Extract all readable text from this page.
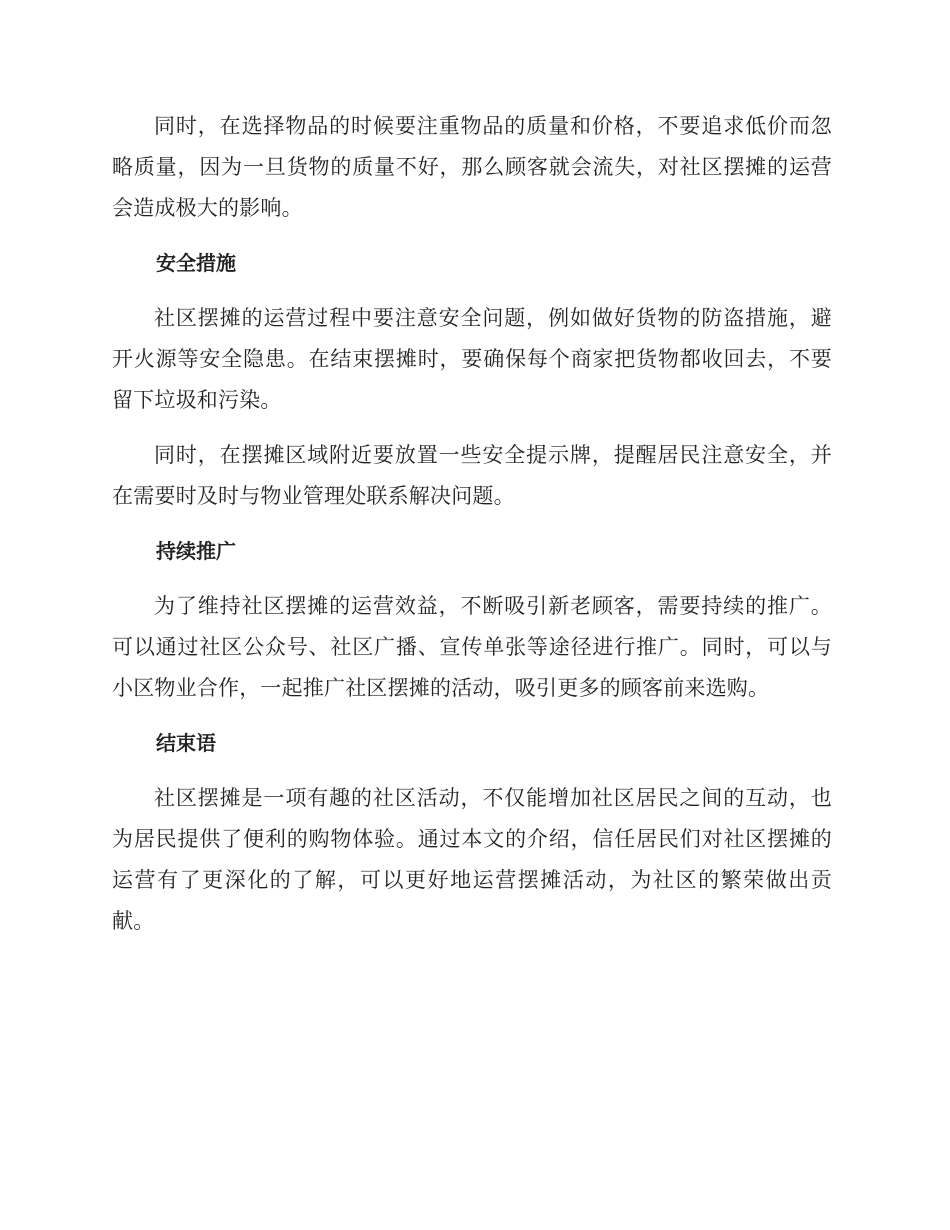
同时，在选择物品的时候要注重物品的质量和价格，不要追求低价而忽略质量，因为一旦货物的质量不好，那么顾客就会流失，对社区摆摊的运营会造成极大的影响。

安全措施

社区摆摊的运营过程中要注意安全问题，例如做好货物的防盗措施，避开火源等安全隐患。在结束摆摊时，要确保每个商家把货物都收回去，不要留下垃圾和污染。

同时，在摆摊区域附近要放置一些安全提示牌，提醒居民注意安全，并在需要时及时与物业管理处联系解决问题。

持续推广

为了维持社区摆摊的运营效益，不断吸引新老顾客，需要持续的推广。可以通过社区公众号、社区广播、宣传单张等途径进行推广。同时，可以与小区物业合作，一起推广社区摆摊的活动，吸引更多的顾客前来选购。

结束语

社区摆摊是一项有趣的社区活动，不仅能增加社区居民之间的互动，也为居民提供了便利的购物体验。通过本文的介绍，信任居民们对社区摆摊的运营有了更深化的了解，可以更好地运营摆摊活动，为社区的繁荣做出贡献。
